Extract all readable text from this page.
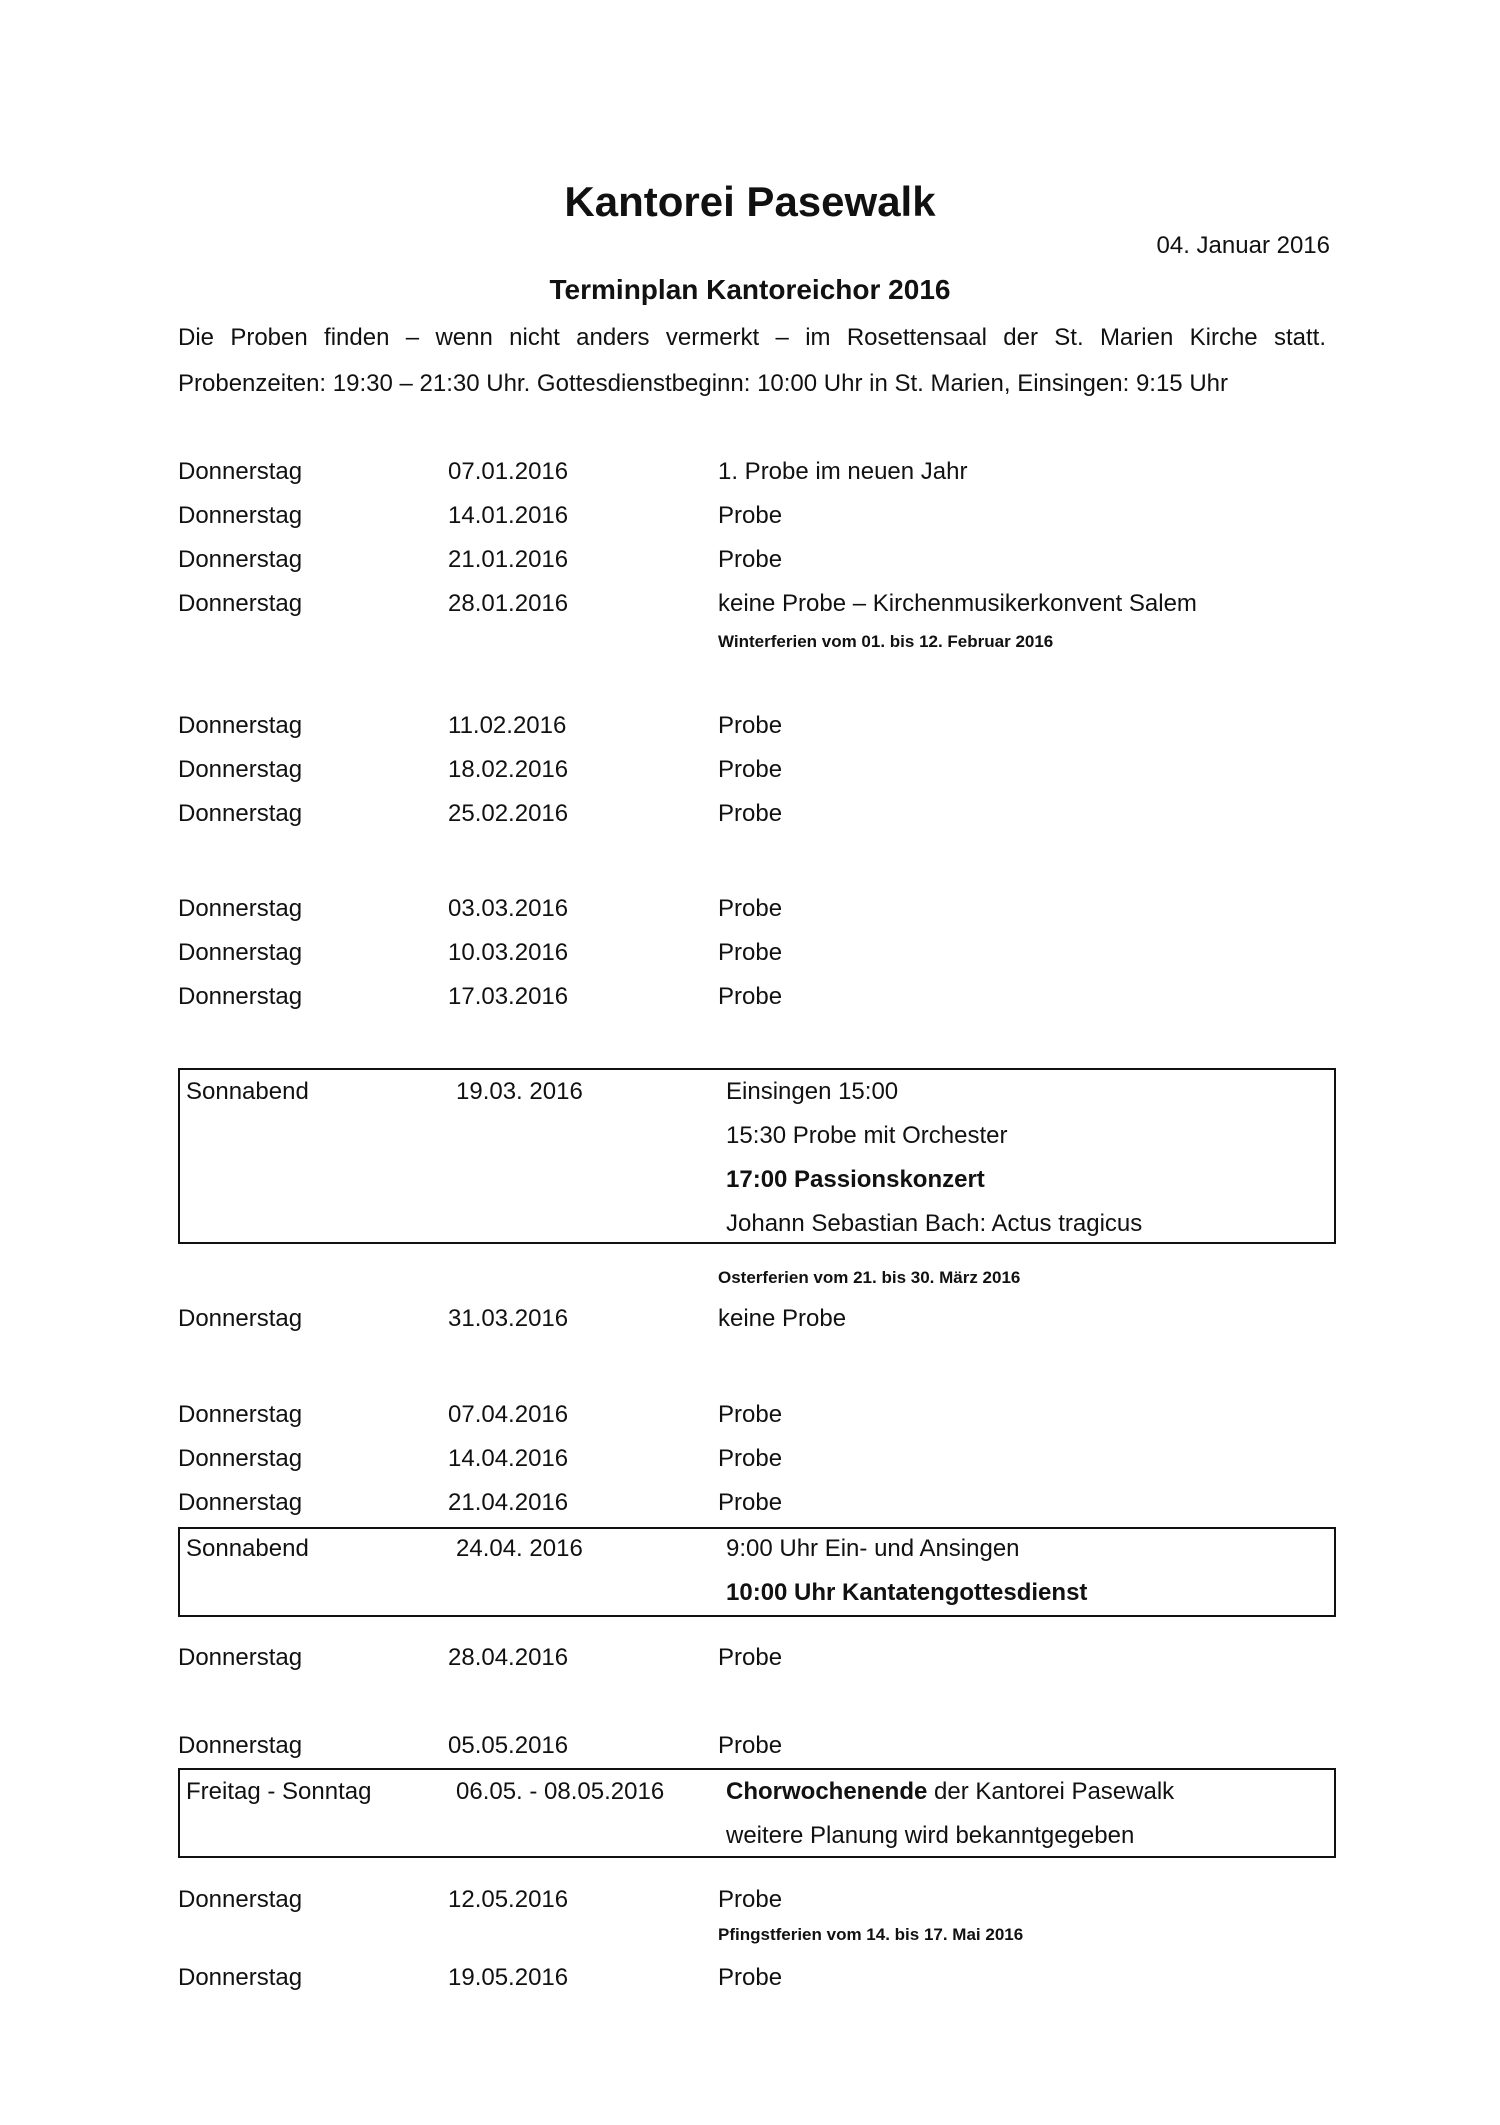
Kantorei Pasewalk
04. Januar 2016
Terminplan Kantoreichor 2016
Die Proben finden – wenn nicht anders vermerkt – im Rosettensaal der St. Marien Kirche statt.
Probenzeiten: 19:30 – 21:30 Uhr. Gottesdienstbeginn: 10:00 Uhr in St. Marien, Einsingen: 9:15 Uhr
Donnerstag	07.01.2016	1. Probe im neuen Jahr
Donnerstag	14.01.2016	Probe
Donnerstag	21.01.2016	Probe
Donnerstag	28.01.2016	keine Probe – Kirchenmusikerkonvent Salem
Winterferien vom 01. bis 12. Februar 2016
Donnerstag	11.02.2016	Probe
Donnerstag	18.02.2016	Probe
Donnerstag	25.02.2016	Probe
Donnerstag	03.03.2016	Probe
Donnerstag	10.03.2016	Probe
Donnerstag	17.03.2016	Probe
Sonnabend	19.03. 2016	Einsingen 15:00
15:30 Probe mit Orchester
17:00 Passionskonzert
Johann Sebastian Bach: Actus tragicus
Osterferien vom 21. bis 30. März 2016
Donnerstag	31.03.2016	keine Probe
Donnerstag	07.04.2016	Probe
Donnerstag	14.04.2016	Probe
Donnerstag	21.04.2016	Probe
Sonnabend	24.04. 2016	9:00 Uhr Ein- und Ansingen
10:00 Uhr Kantatengottesdienst
Donnerstag	28.04.2016	Probe
Donnerstag	05.05.2016	Probe
Freitag - Sonntag	06.05. - 08.05.2016	Chorwochenende der Kantorei Pasewalk
weitere Planung wird bekanntgegeben
Donnerstag	12.05.2016	Probe
Pfingstferien vom 14. bis 17. Mai 2016
Donnerstag	19.05.2016	Probe
